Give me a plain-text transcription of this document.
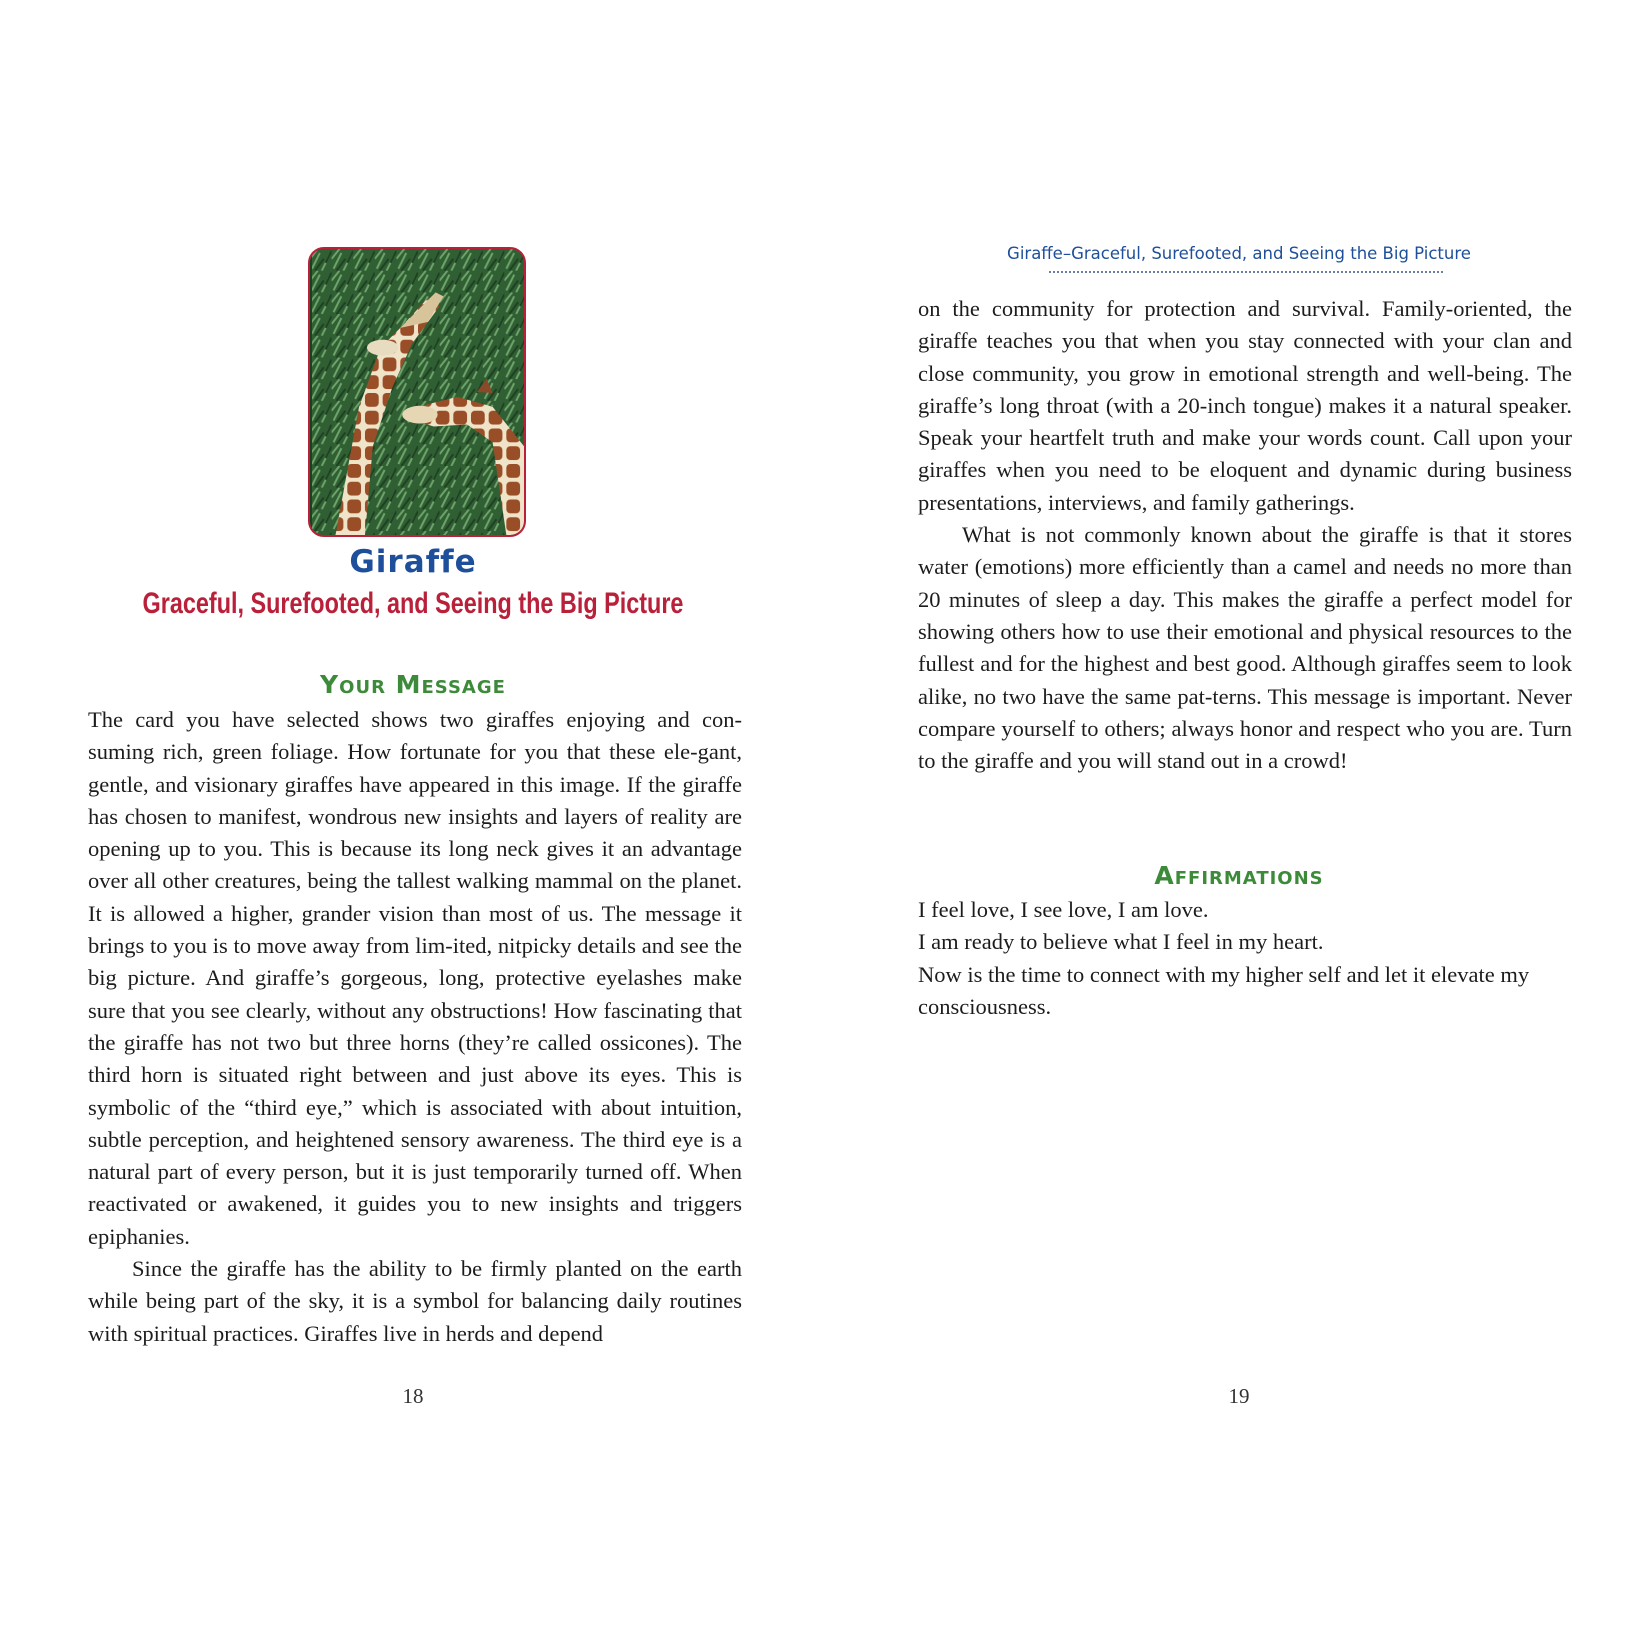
Giraffe
Graceful, Surefooted, and Seeing the Big Picture
Your Message

The card you have selected shows two giraffes enjoying and con-suming rich, green foliage. How fortunate for you that these ele-gant, gentle, and visionary giraffes have appeared in this image. If the giraffe has chosen to manifest, wondrous new insights and layers of reality are opening up to you. This is because its long neck gives it an advantage over all other creatures, being the tallest walking mammal on the planet. It is allowed a higher, grander vision than most of us. The message it brings to you is to move away from lim-ited, nitpicky details and see the big picture. And giraffe’s gorgeous, long, protective eyelashes make sure that you see clearly, without any obstructions! How fascinating that the giraffe has not two but three horns (they’re called ossicones). The third horn is situated right between and just above its eyes. This is symbolic of the “third eye,” which is associated with about intuition, subtle perception, and heightened sensory awareness. The third eye is a natural part of every person, but it is just temporarily turned off. When reactivated or awakened, it guides you to new insights and triggers epiphanies.

Since the giraffe has the ability to be firmly planted on the earth while being part of the sky, it is a symbol for balancing daily routines with spiritual practices. Giraffes live in herds and depend

18
Giraffe–Graceful, Surefooted, and Seeing the Big Picture

on the community for protection and survival. Family-oriented, the giraffe teaches you that when you stay connected with your clan and close community, you grow in emotional strength and well-being. The giraffe’s long throat (with a 20-inch tongue) makes it a natural speaker. Speak your heartfelt truth and make your words count. Call upon your giraffes when you need to be eloquent and dynamic during business presentations, interviews, and family gatherings.

What is not commonly known about the giraffe is that it stores water (emotions) more efficiently than a camel and needs no more than 20 minutes of sleep a day. This makes the giraffe a perfect model for showing others how to use their emotional and physical resources to the fullest and for the highest and best good. Although giraffes seem to look alike, no two have the same pat-terns. This message is important. Never compare yourself to others; always honor and respect who you are. Turn to the giraffe and you will stand out in a crowd!

Affirmations
I feel love, I see love, I am love.
I am ready to believe what I feel in my heart.
Now is the time to connect with my higher self and let it elevate my consciousness.
19
